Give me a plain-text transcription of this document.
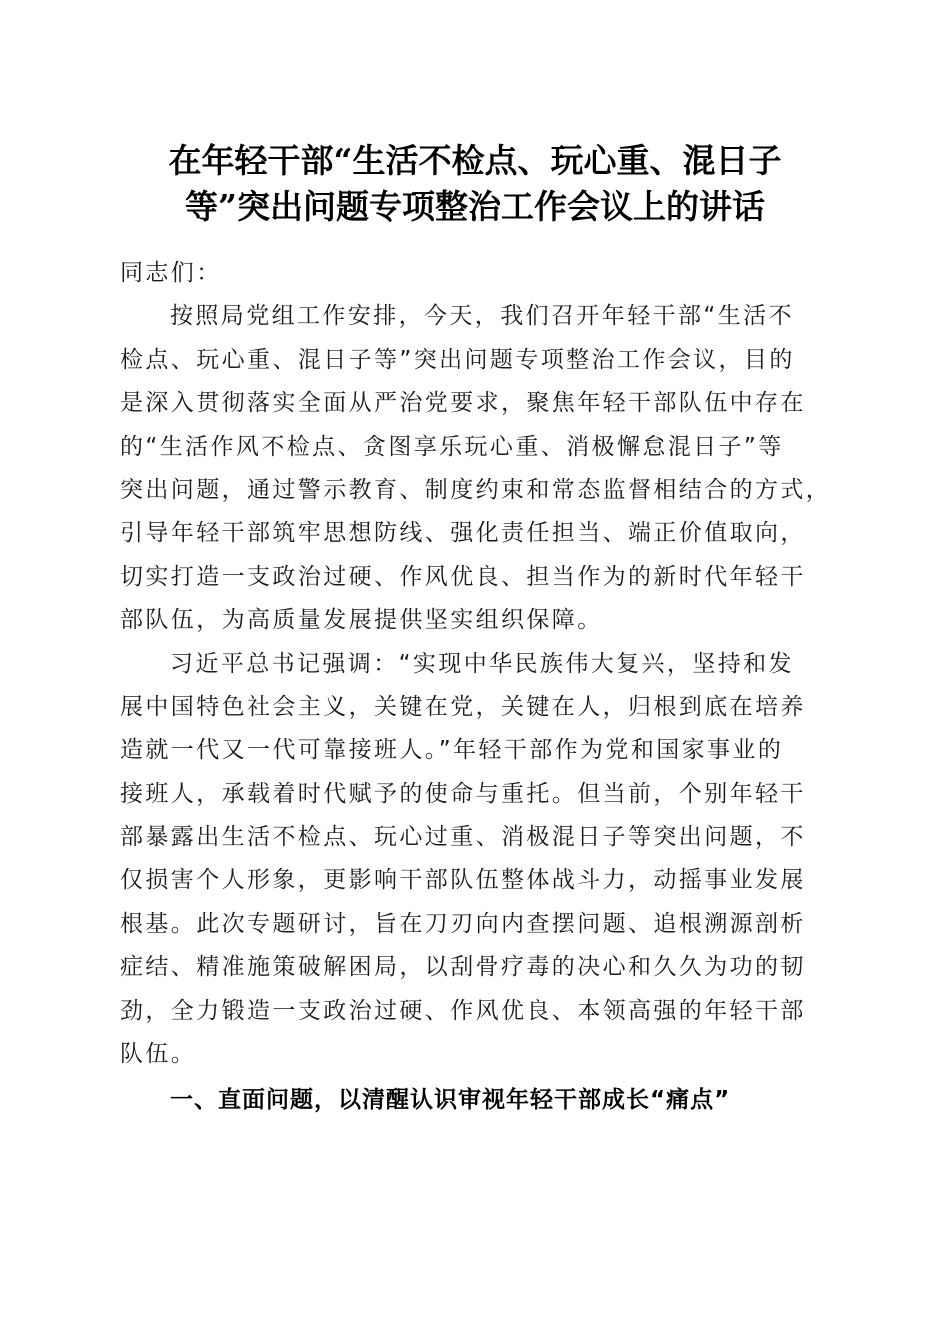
在年轻干部“生活不检点、玩心重、混日子
等”突出问题专项整治工作会议上的讲话
同志们：
按照局党组工作安排，今天，我们召开年轻干部“生活不
检点、玩心重、混日子等”突出问题专项整治工作会议，目的
是深入贯彻落实全面从严治党要求，聚焦年轻干部队伍中存在
的“生活作风不检点、贪图享乐玩心重、消极懈怠混日子”等
突出问题，通过警示教育、制度约束和常态监督相结合的方式，
引导年轻干部筑牢思想防线、强化责任担当、端正价值取向，
切实打造一支政治过硬、作风优良、担当作为的新时代年轻干
部队伍，为高质量发展提供坚实组织保障。
习近平总书记强调：“实现中华民族伟大复兴，坚持和发
展中国特色社会主义，关键在党，关键在人，归根到底在培养
造就一代又一代可靠接班人。”年轻干部作为党和国家事业的
接班人，承载着时代赋予的使命与重托。但当前，个别年轻干
部暴露出生活不检点、玩心过重、消极混日子等突出问题，不
仅损害个人形象，更影响干部队伍整体战斗力，动摇事业发展
根基。此次专题研讨，旨在刀刃向内查摆问题、追根溯源剖析
症结、精准施策破解困局，以刮骨疗毒的决心和久久为功的韧
劲，全力锻造一支政治过硬、作风优良、本领高强的年轻干部
队伍。
一、直面问题，以清醒认识审视年轻干部成长“痛点”
